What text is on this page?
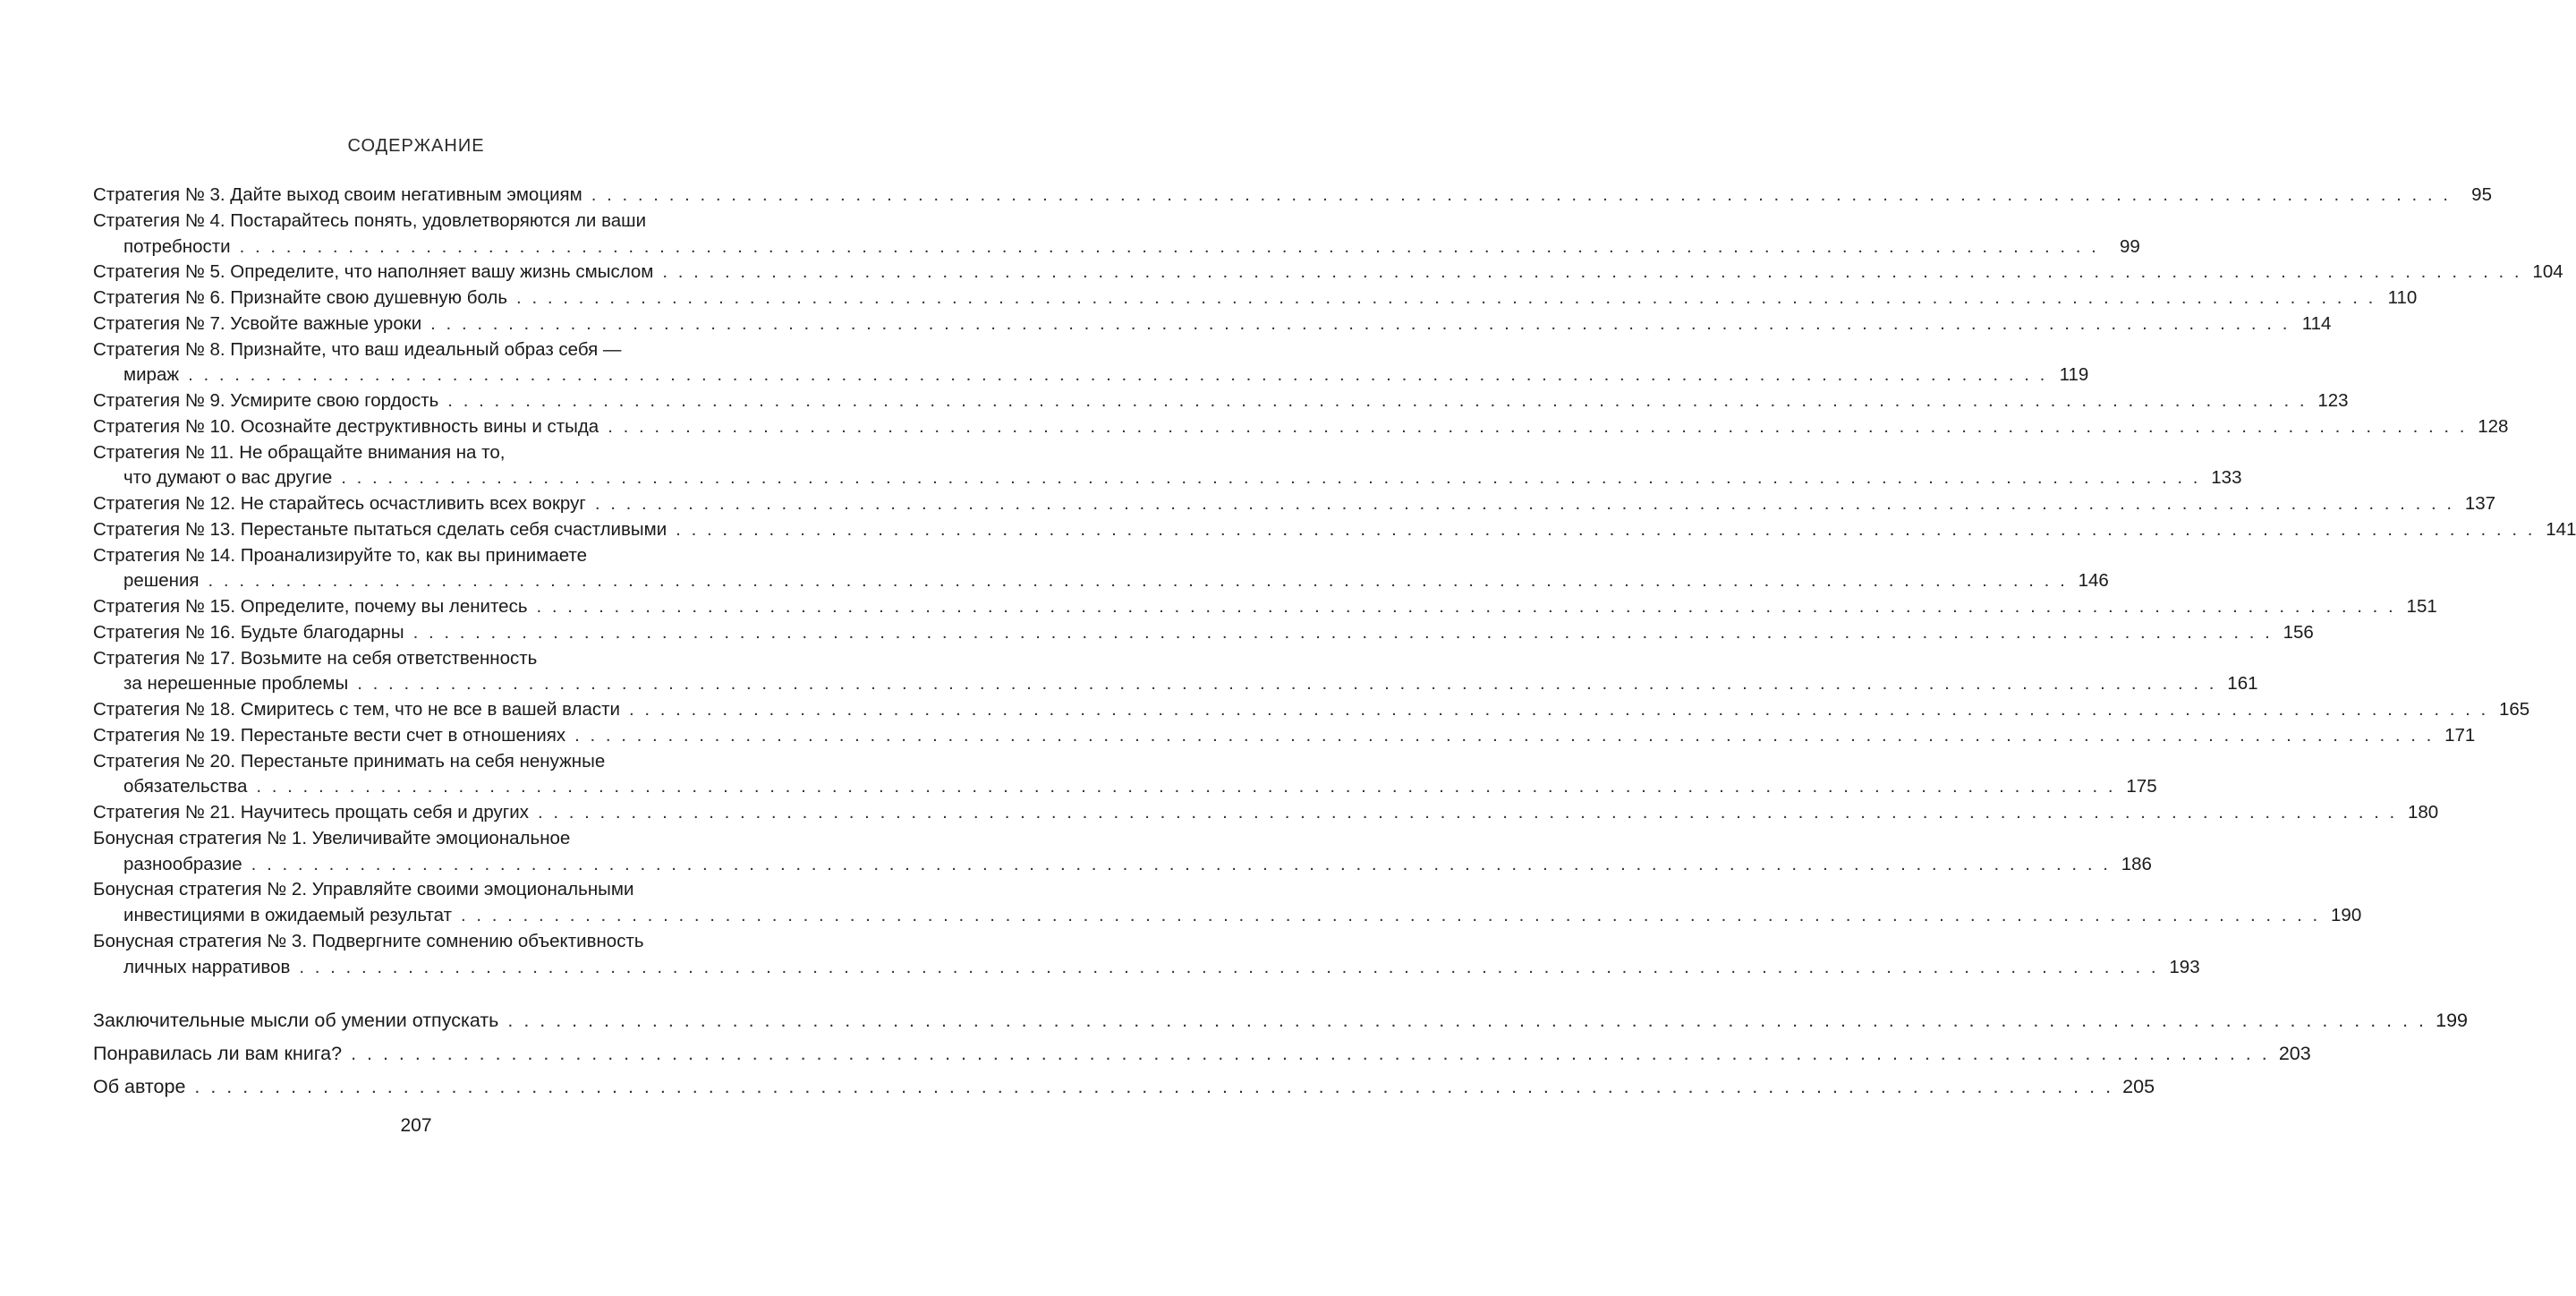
СОДЕРЖАНИЕ
Стратегия № 3. Дайте выход своим негативным эмоциям . . . . . . . . . . . . . . . . . . . . . . . . . . . . . . . . . . . . . . . . . . . . . . . . . . . . . . . . . . . . . . . . . . . . . . . . . . . . . . . . . . . . . . . . . . . . . . . . . . . . . . . . . . . . . . . . . . . . . . . .	95
Стратегия № 4. Постарайтесь понять, удовлетворяются ли ваши
потребности . . . . . . . . . . . . . . . . . . . . . . . . . . . . . . . . . . . . . . . . . . . . . . . . . . . . . . . . . . . . . . . . . . . . . . . . . . . . . . . . . . . . . . . . . . . . . . . . . . . . . . . . . . . . . . . . . . . . . . . .	99
Стратегия № 5. Определите, что наполняет вашу жизнь смыслом . . . . . . . . . . . . . . . . . . . . . . . . . . . . . . . . . . . . . . . . . . . . . . . . . . . . . . . . . . . . . . . . . . . . . . . . . . . . . . . . . . . . . . . . . . . . . . . . . . . . . . . . . . . . . . . . . . . . . . . . 104
Стратегия № 6. Признайте свою душевную боль . . . . . . . . . . . . . . . . . . . . . . . . . . . . . . . . . . . . . . . . . . . . . . . . . . . . . . . . . . . . . . . . . . . . . . . . . . . . . . . . . . . . . . . . . . . . . . . . . . . . . . . . . . . . . . . . . . . . . . . . 110
Стратегия № 7. Усвойте важные уроки . . . . . . . . . . . . . . . . . . . . . . . . . . . . . . . . . . . . . . . . . . . . . . . . . . . . . . . . . . . . . . . . . . . . . . . . . . . . . . . . . . . . . . . . . . . . . . . . . . . . . . . . . . . . . . . . . . . . . . . . 114
Стратегия № 8. Признайте, что ваш идеальный образ себя —
мираж . . . . . . . . . . . . . . . . . . . . . . . . . . . . . . . . . . . . . . . . . . . . . . . . . . . . . . . . . . . . . . . . . . . . . . . . . . . . . . . . . . . . . . . . . . . . . . . . . . . . . . . . . . . . . . . . . . . . . . . . 119
Стратегия № 9. Усмирите свою гордость . . . . . . . . . . . . . . . . . . . . . . . . . . . . . . . . . . . . . . . . . . . . . . . . . . . . . . . . . . . . . . . . . . . . . . . . . . . . . . . . . . . . . . . . . . . . . . . . . . . . . . . . . . . . . . . . . . . . . . . . 123
Стратегия № 10. Осознайте деструктивность вины и стыда . . . . . . . . . . . . . . . . . . . . . . . . . . . . . . . . . . . . . . . . . . . . . . . . . . . . . . . . . . . . . . . . . . . . . . . . . . . . . . . . . . . . . . . . . . . . . . . . . . . . . . . . . . . . . . . . . . . . . . . . 128
Стратегия № 11. Не обращайте внимания на то,
что думают о вас другие . . . . . . . . . . . . . . . . . . . . . . . . . . . . . . . . . . . . . . . . . . . . . . . . . . . . . . . . . . . . . . . . . . . . . . . . . . . . . . . . . . . . . . . . . . . . . . . . . . . . . . . . . . . . . . . . . . . . . . . . 133
Стратегия № 12. Не старайтесь осчастливить всех вокруг . . . . . . . . . . . . . . . . . . . . . . . . . . . . . . . . . . . . . . . . . . . . . . . . . . . . . . . . . . . . . . . . . . . . . . . . . . . . . . . . . . . . . . . . . . . . . . . . . . . . . . . . . . . . . . . . . . . . . . . . 137
Стратегия № 13. Перестаньте пытаться сделать себя счастливыми . . . . . . . . . . . . . . . . . . . . . . . . . . . . . . . . . . . . . . . . . . . . . . . . . . . . . . . . . . . . . . . . . . . . . . . . . . . . . . . . . . . . . . . . . . . . . . . . . . . . . . . . . . . . . . . . . . . . . . . . 141
Стратегия № 14. Проанализируйте то, как вы принимаете
решения . . . . . . . . . . . . . . . . . . . . . . . . . . . . . . . . . . . . . . . . . . . . . . . . . . . . . . . . . . . . . . . . . . . . . . . . . . . . . . . . . . . . . . . . . . . . . . . . . . . . . . . . . . . . . . . . . . . . . . . . 146
Стратегия № 15. Определите, почему вы ленитесь . . . . . . . . . . . . . . . . . . . . . . . . . . . . . . . . . . . . . . . . . . . . . . . . . . . . . . . . . . . . . . . . . . . . . . . . . . . . . . . . . . . . . . . . . . . . . . . . . . . . . . . . . . . . . . . . . . . . . . . . 151
Стратегия № 16. Будьте благодарны . . . . . . . . . . . . . . . . . . . . . . . . . . . . . . . . . . . . . . . . . . . . . . . . . . . . . . . . . . . . . . . . . . . . . . . . . . . . . . . . . . . . . . . . . . . . . . . . . . . . . . . . . . . . . . . . . . . . . . . . 156
Стратегия № 17. Возьмите на себя ответственность
за нерешенные проблемы . . . . . . . . . . . . . . . . . . . . . . . . . . . . . . . . . . . . . . . . . . . . . . . . . . . . . . . . . . . . . . . . . . . . . . . . . . . . . . . . . . . . . . . . . . . . . . . . . . . . . . . . . . . . . . . . . . . . . . . . 161
Стратегия № 18. Смиритесь с тем, что не все в вашей власти . . . . . . . . . . . . . . . . . . . . . . . . . . . . . . . . . . . . . . . . . . . . . . . . . . . . . . . . . . . . . . . . . . . . . . . . . . . . . . . . . . . . . . . . . . . . . . . . . . . . . . . . . . . . . . . . . . . . . . . . 165
Стратегия № 19. Перестаньте вести счет в отношениях . . . . . . . . . . . . . . . . . . . . . . . . . . . . . . . . . . . . . . . . . . . . . . . . . . . . . . . . . . . . . . . . . . . . . . . . . . . . . . . . . . . . . . . . . . . . . . . . . . . . . . . . . . . . . . . . . . . . . . . . 171
Стратегия № 20. Перестаньте принимать на себя ненужные
обязательства . . . . . . . . . . . . . . . . . . . . . . . . . . . . . . . . . . . . . . . . . . . . . . . . . . . . . . . . . . . . . . . . . . . . . . . . . . . . . . . . . . . . . . . . . . . . . . . . . . . . . . . . . . . . . . . . . . . . . . . . 175
Стратегия № 21. Научитесь прощать себя и других . . . . . . . . . . . . . . . . . . . . . . . . . . . . . . . . . . . . . . . . . . . . . . . . . . . . . . . . . . . . . . . . . . . . . . . . . . . . . . . . . . . . . . . . . . . . . . . . . . . . . . . . . . . . . . . . . . . . . . . . 180
Бонусная стратегия № 1. Увеличивайте эмоциональное
разнообразие . . . . . . . . . . . . . . . . . . . . . . . . . . . . . . . . . . . . . . . . . . . . . . . . . . . . . . . . . . . . . . . . . . . . . . . . . . . . . . . . . . . . . . . . . . . . . . . . . . . . . . . . . . . . . . . . . . . . . . . . 186
Бонусная стратегия № 2. Управляйте своими эмоциональными
инвестициями в ожидаемый результат . . . . . . . . . . . . . . . . . . . . . . . . . . . . . . . . . . . . . . . . . . . . . . . . . . . . . . . . . . . . . . . . . . . . . . . . . . . . . . . . . . . . . . . . . . . . . . . . . . . . . . . . . . . . . . . . . . . . . . . . 190
Бонусная стратегия № 3. Подвергните сомнению объективность
личных нарративов . . . . . . . . . . . . . . . . . . . . . . . . . . . . . . . . . . . . . . . . . . . . . . . . . . . . . . . . . . . . . . . . . . . . . . . . . . . . . . . . . . . . . . . . . . . . . . . . . . . . . . . . . . . . . . . . . . . . . . . . 193
Заключительные мысли об умении отпускать . . . . . . . . . . . . . . . . . . . . . . . . . . . . . . . . . . . . . . . . . . . . . . . . . . . . . . . . . . . . . . . . . . . . . . . . . . . . . . . . . . . . . . . . . . . . . . . . . . . . . . . . . . . . . . . . . . . . . . . . 199
Понравилась ли вам книга? . . . . . . . . . . . . . . . . . . . . . . . . . . . . . . . . . . . . . . . . . . . . . . . . . . . . . . . . . . . . . . . . . . . . . . . . . . . . . . . . . . . . . . . . . . . . . . . . . . . . . . . . . . . . . . . . . . . . . . . . 203
Об авторе . . . . . . . . . . . . . . . . . . . . . . . . . . . . . . . . . . . . . . . . . . . . . . . . . . . . . . . . . . . . . . . . . . . . . . . . . . . . . . . . . . . . . . . . . . . . . . . . . . . . . . . . . . . . . . . . . . . . . . . . 205
207
